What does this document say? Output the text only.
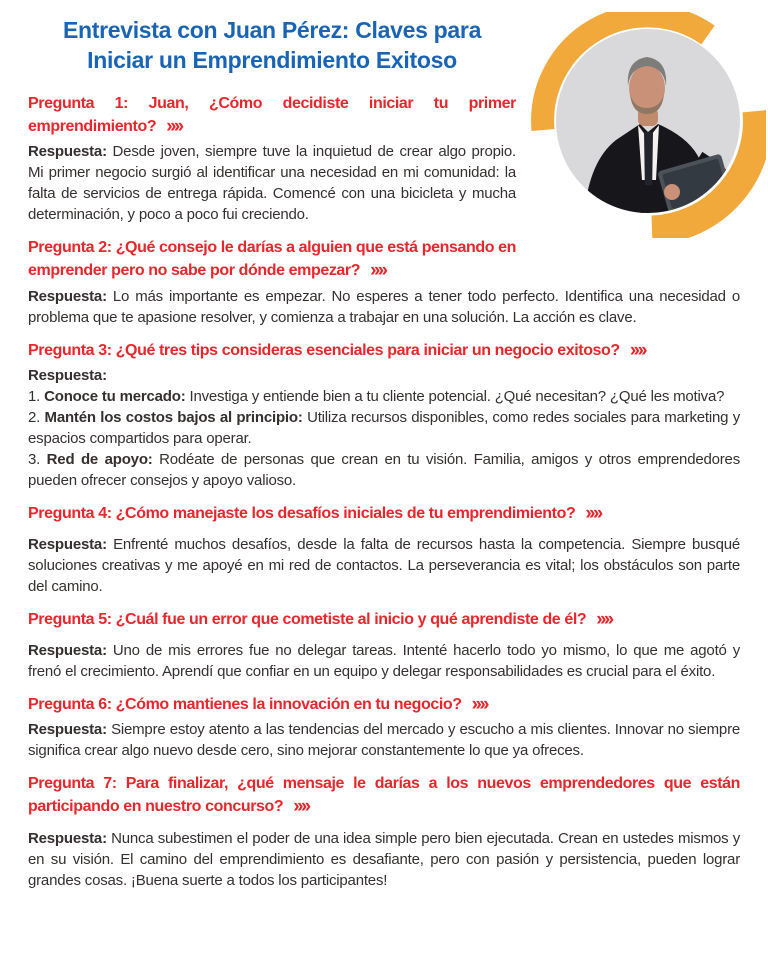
Entrevista con Juan Pérez: Claves para
Iniciar un Emprendimiento Exitoso

Pregunta 1: Juan, ¿Cómo decidiste iniciar tu primer emprendimiento? ››››

Respuesta: Desde joven, siempre tuve la inquietud de crear algo propio. Mi primer negocio surgió al identificar una necesidad en mi comunidad: la falta de servicios de entrega rápida. Comencé con una bicicleta y mucha determinación, y poco a poco fui creciendo.

Pregunta 2: ¿Qué consejo le darías a alguien que está pensando en emprender pero no sabe por dónde empezar? ››››

Respuesta: Lo más importante es empezar. No esperes a tener todo perfecto. Identifica una necesidad o problema que te apasione resolver, y comienza a trabajar en una solución. La acción es clave.

Pregunta 3: ¿Qué tres tips consideras esenciales para iniciar un negocio exitoso? ››››

Respuesta:

1. Conoce tu mercado: Investiga y entiende bien a tu cliente potencial. ¿Qué necesitan? ¿Qué les motiva?

2. Mantén los costos bajos al principio: Utiliza recursos disponibles, como redes sociales para marketing y espacios compartidos para operar.

3. Red de apoyo: Rodéate de personas que crean en tu visión. Familia, amigos y otros emprendedores pueden ofrecer consejos y apoyo valioso.

Pregunta 4: ¿Cómo manejaste los desafíos iniciales de tu emprendimiento? ››››

Respuesta: Enfrenté muchos desafíos, desde la falta de recursos hasta la competencia. Siempre busqué soluciones creativas y me apoyé en mi red de contactos. La perseverancia es vital; los obstáculos son parte del camino.

Pregunta 5: ¿Cuál fue un error que cometiste al inicio y qué aprendiste de él? ››››

Respuesta: Uno de mis errores fue no delegar tareas. Intenté hacerlo todo yo mismo, lo que me agotó y frenó el crecimiento. Aprendí que confiar en un equipo y delegar responsabilidades es crucial para el éxito.

Pregunta 6: ¿Cómo mantienes la innovación en tu negocio? ››››

Respuesta: Siempre estoy atento a las tendencias del mercado y escucho a mis clientes. Innovar no siempre significa crear algo nuevo desde cero, sino mejorar constantemente lo que ya ofreces.

Pregunta 7: Para finalizar, ¿qué mensaje le darías a los nuevos emprendedores que están participando en nuestro concurso? ››››

Respuesta: Nunca subestimen el poder de una idea simple pero bien ejecutada. Crean en ustedes mismos y en su visión. El camino del emprendimiento es desafiante, pero con pasión y persistencia, pueden lograr grandes cosas. ¡Buena suerte a todos los participantes!
